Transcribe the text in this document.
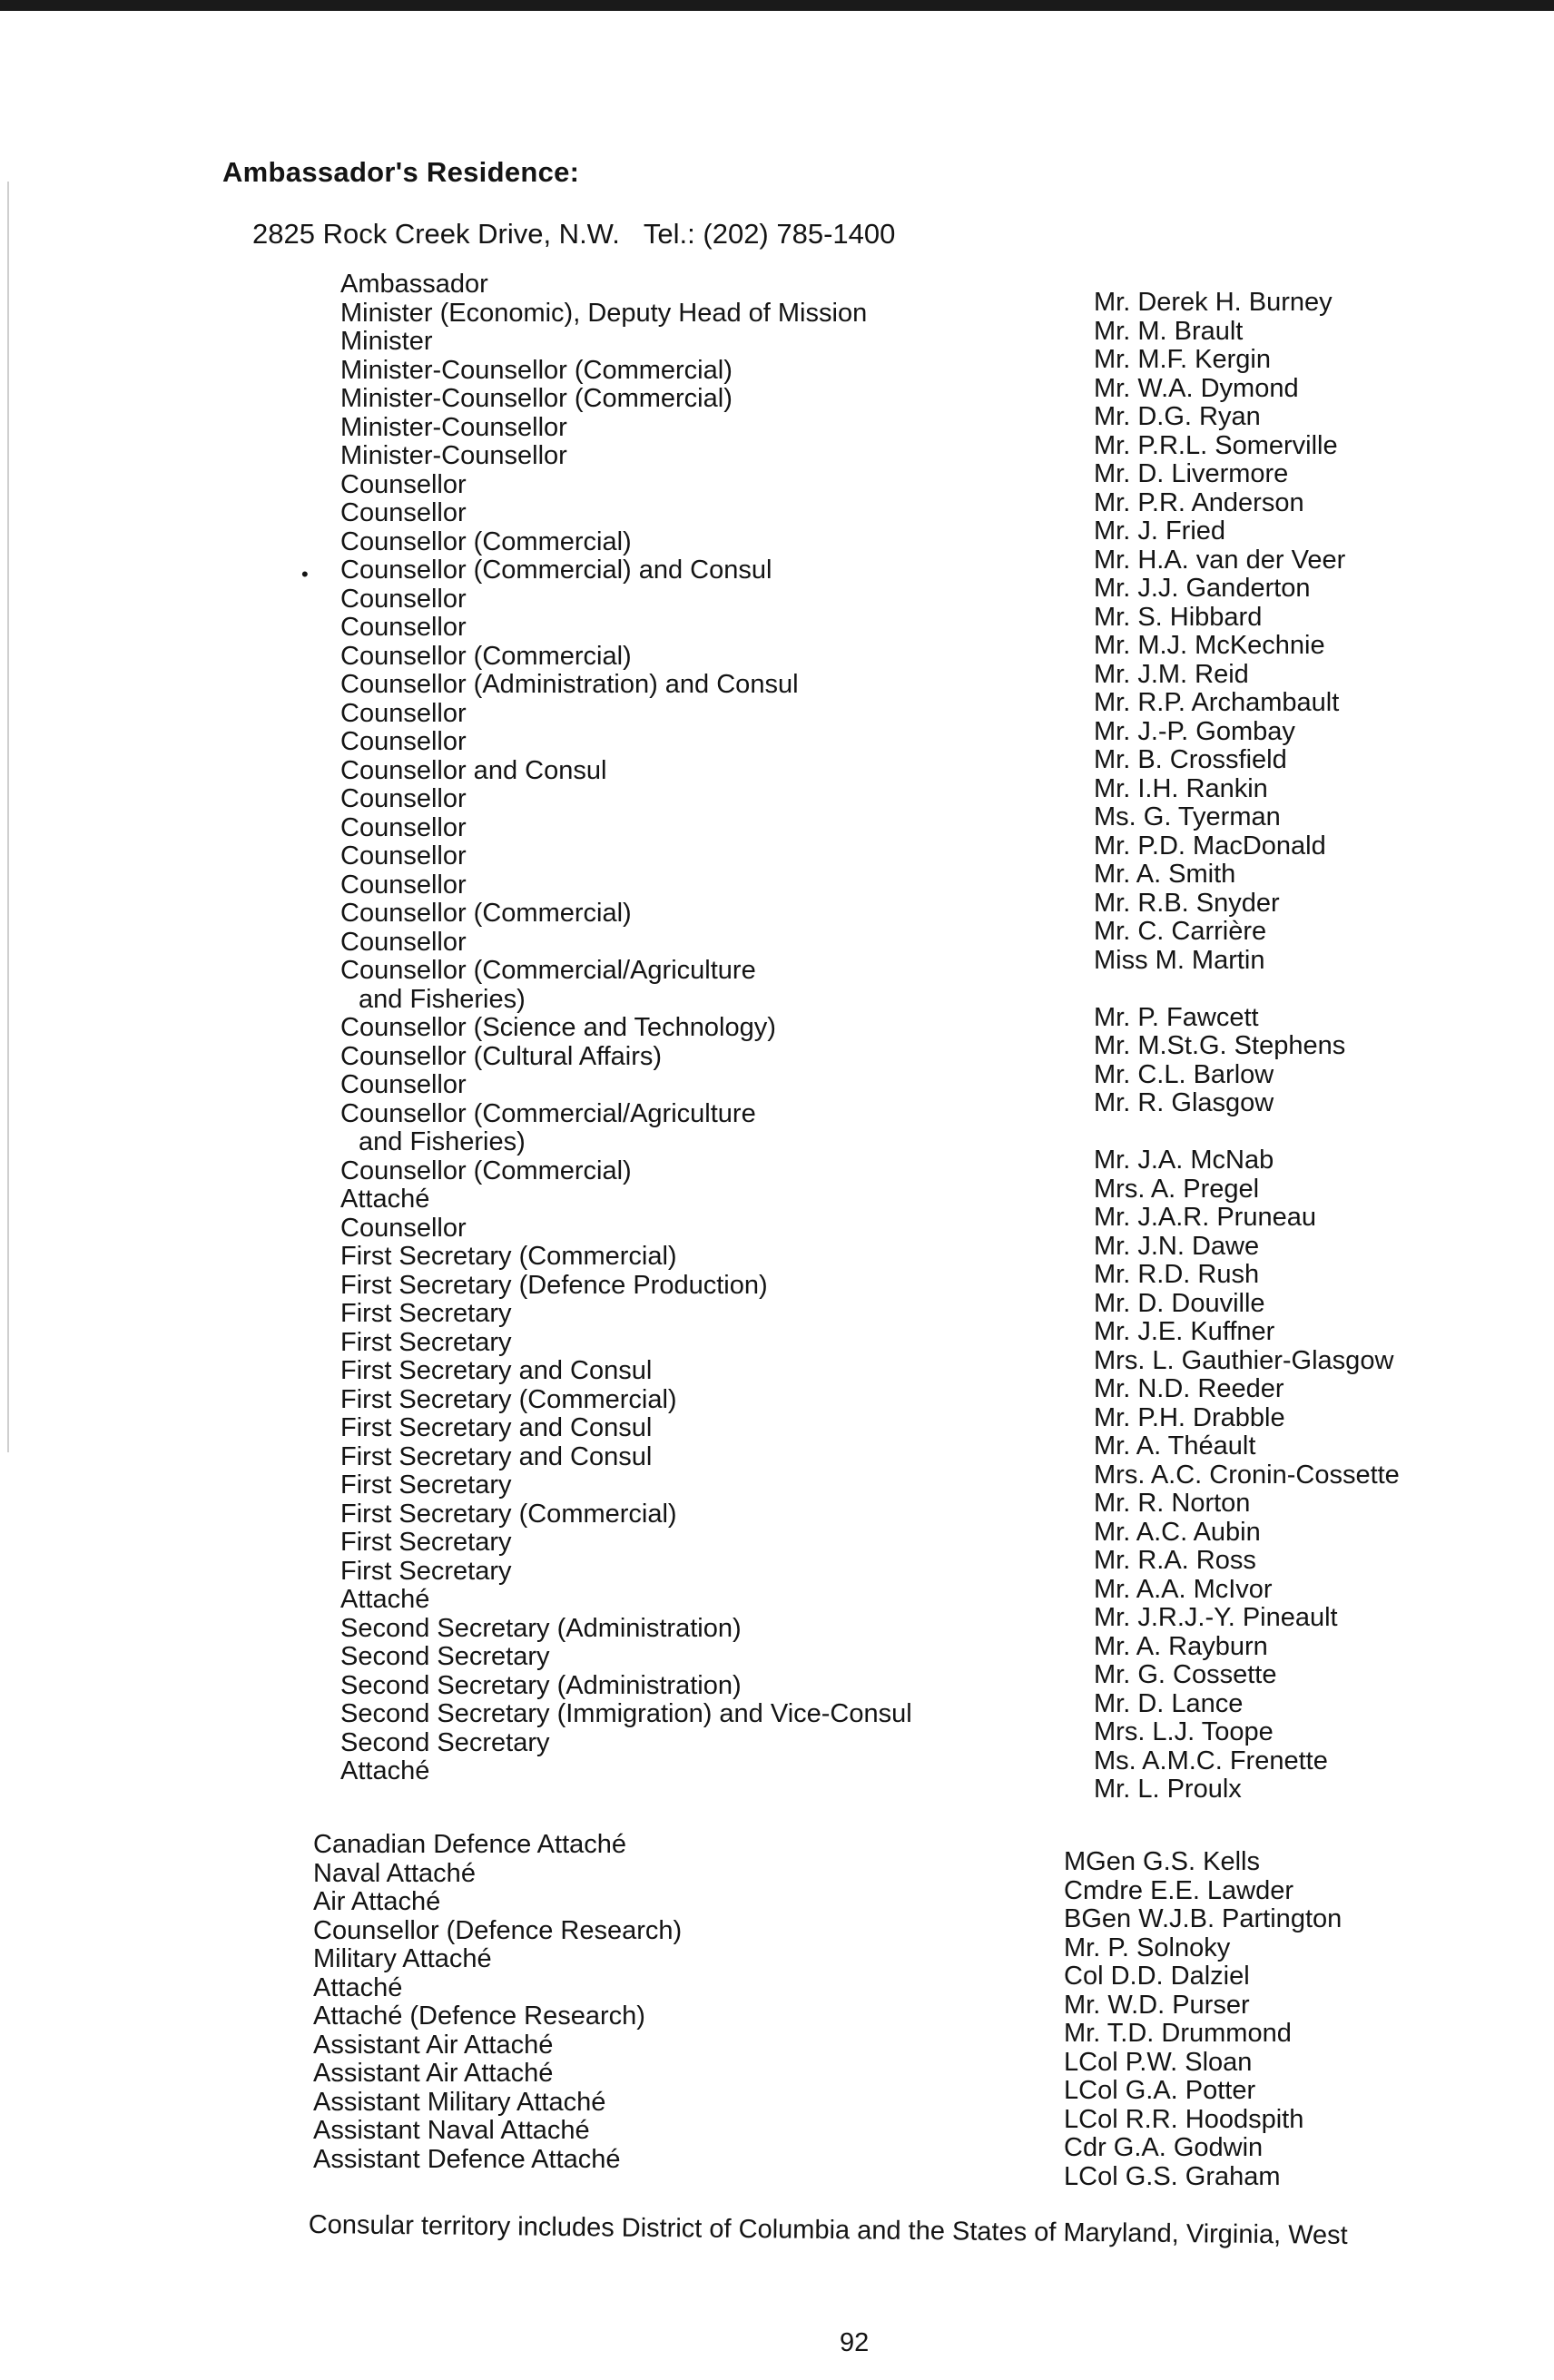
Ambassador's Residence:
2825 Rock Creek Drive, N.W. Tel.: (202) 785-1400
•
Ambassador
Minister (Economic), Deputy Head of Mission
Minister
Minister-Counsellor (Commercial)
Minister-Counsellor (Commercial)
Minister-Counsellor
Minister-Counsellor
Counsellor
Counsellor
Counsellor (Commercial)
Counsellor (Commercial) and Consul
Counsellor
Counsellor
Counsellor (Commercial)
Counsellor (Administration) and Consul
Counsellor
Counsellor
Counsellor and Consul
Counsellor
Counsellor
Counsellor
Counsellor
Counsellor (Commercial)
Counsellor
Counsellor (Commercial/Agriculture
and Fisheries)
Counsellor (Science and Technology)
Counsellor (Cultural Affairs)
Counsellor
Counsellor (Commercial/Agriculture
and Fisheries)
Counsellor (Commercial)
Attaché
Counsellor
First Secretary (Commercial)
First Secretary (Defence Production)
First Secretary
First Secretary
First Secretary and Consul
First Secretary (Commercial)
First Secretary and Consul
First Secretary and Consul
First Secretary
First Secretary (Commercial)
First Secretary
First Secretary
Attaché
Second Secretary (Administration)
Second Secretary
Second Secretary (Administration)
Second Secretary (Immigration) and Vice-Consul
Second Secretary
Attaché
Mr. Derek H. Burney
Mr. M. Brault
Mr. M.F. Kergin
Mr. W.A. Dymond
Mr. D.G. Ryan
Mr. P.R.L. Somerville
Mr. D. Livermore
Mr. P.R. Anderson
Mr. J. Fried
Mr. H.A. van der Veer
Mr. J.J. Ganderton
Mr. S. Hibbard
Mr. M.J. McKechnie
Mr. J.M. Reid
Mr. R.P. Archambault
Mr. J.-P. Gombay
Mr. B. Crossfield
Mr. I.H. Rankin
Ms. G. Tyerman
Mr. P.D. MacDonald
Mr. A. Smith
Mr. R.B. Snyder
Mr. C. Carrière
Miss M. Martin
Mr. P. Fawcett
Mr. M.St.G. Stephens
Mr. C.L. Barlow
Mr. R. Glasgow
Mr. J.A. McNab
Mrs. A. Pregel
Mr. J.A.R. Pruneau
Mr. J.N. Dawe
Mr. R.D. Rush
Mr. D. Douville
Mr. J.E. Kuffner
Mrs. L. Gauthier-Glasgow
Mr. N.D. Reeder
Mr. P.H. Drabble
Mr. A. Théault
Mrs. A.C. Cronin-Cossette
Mr. R. Norton
Mr. A.C. Aubin
Mr. R.A. Ross
Mr. A.A. McIvor
Mr. J.R.J.-Y. Pineault
Mr. A. Rayburn
Mr. G. Cossette
Mr. D. Lance
Mrs. L.J. Toope
Ms. A.M.C. Frenette
Mr. L. Proulx
Canadian Defence Attaché
Naval Attaché
Air Attaché
Counsellor (Defence Research)
Military Attaché
Attaché
Attaché (Defence Research)
Assistant Air Attaché
Assistant Air Attaché
Assistant Military Attaché
Assistant Naval Attaché
Assistant Defence Attaché
MGen G.S. Kells
Cmdre E.E. Lawder
BGen W.J.B. Partington
Mr. P. Solnoky
Col D.D. Dalziel
Mr. W.D. Purser
Mr. T.D. Drummond
LCol P.W. Sloan
LCol G.A. Potter
LCol R.R. Hoodspith
Cdr G.A. Godwin
LCol G.S. Graham
Consular territory includes District of Columbia and the States of Maryland, Virginia, West
92
